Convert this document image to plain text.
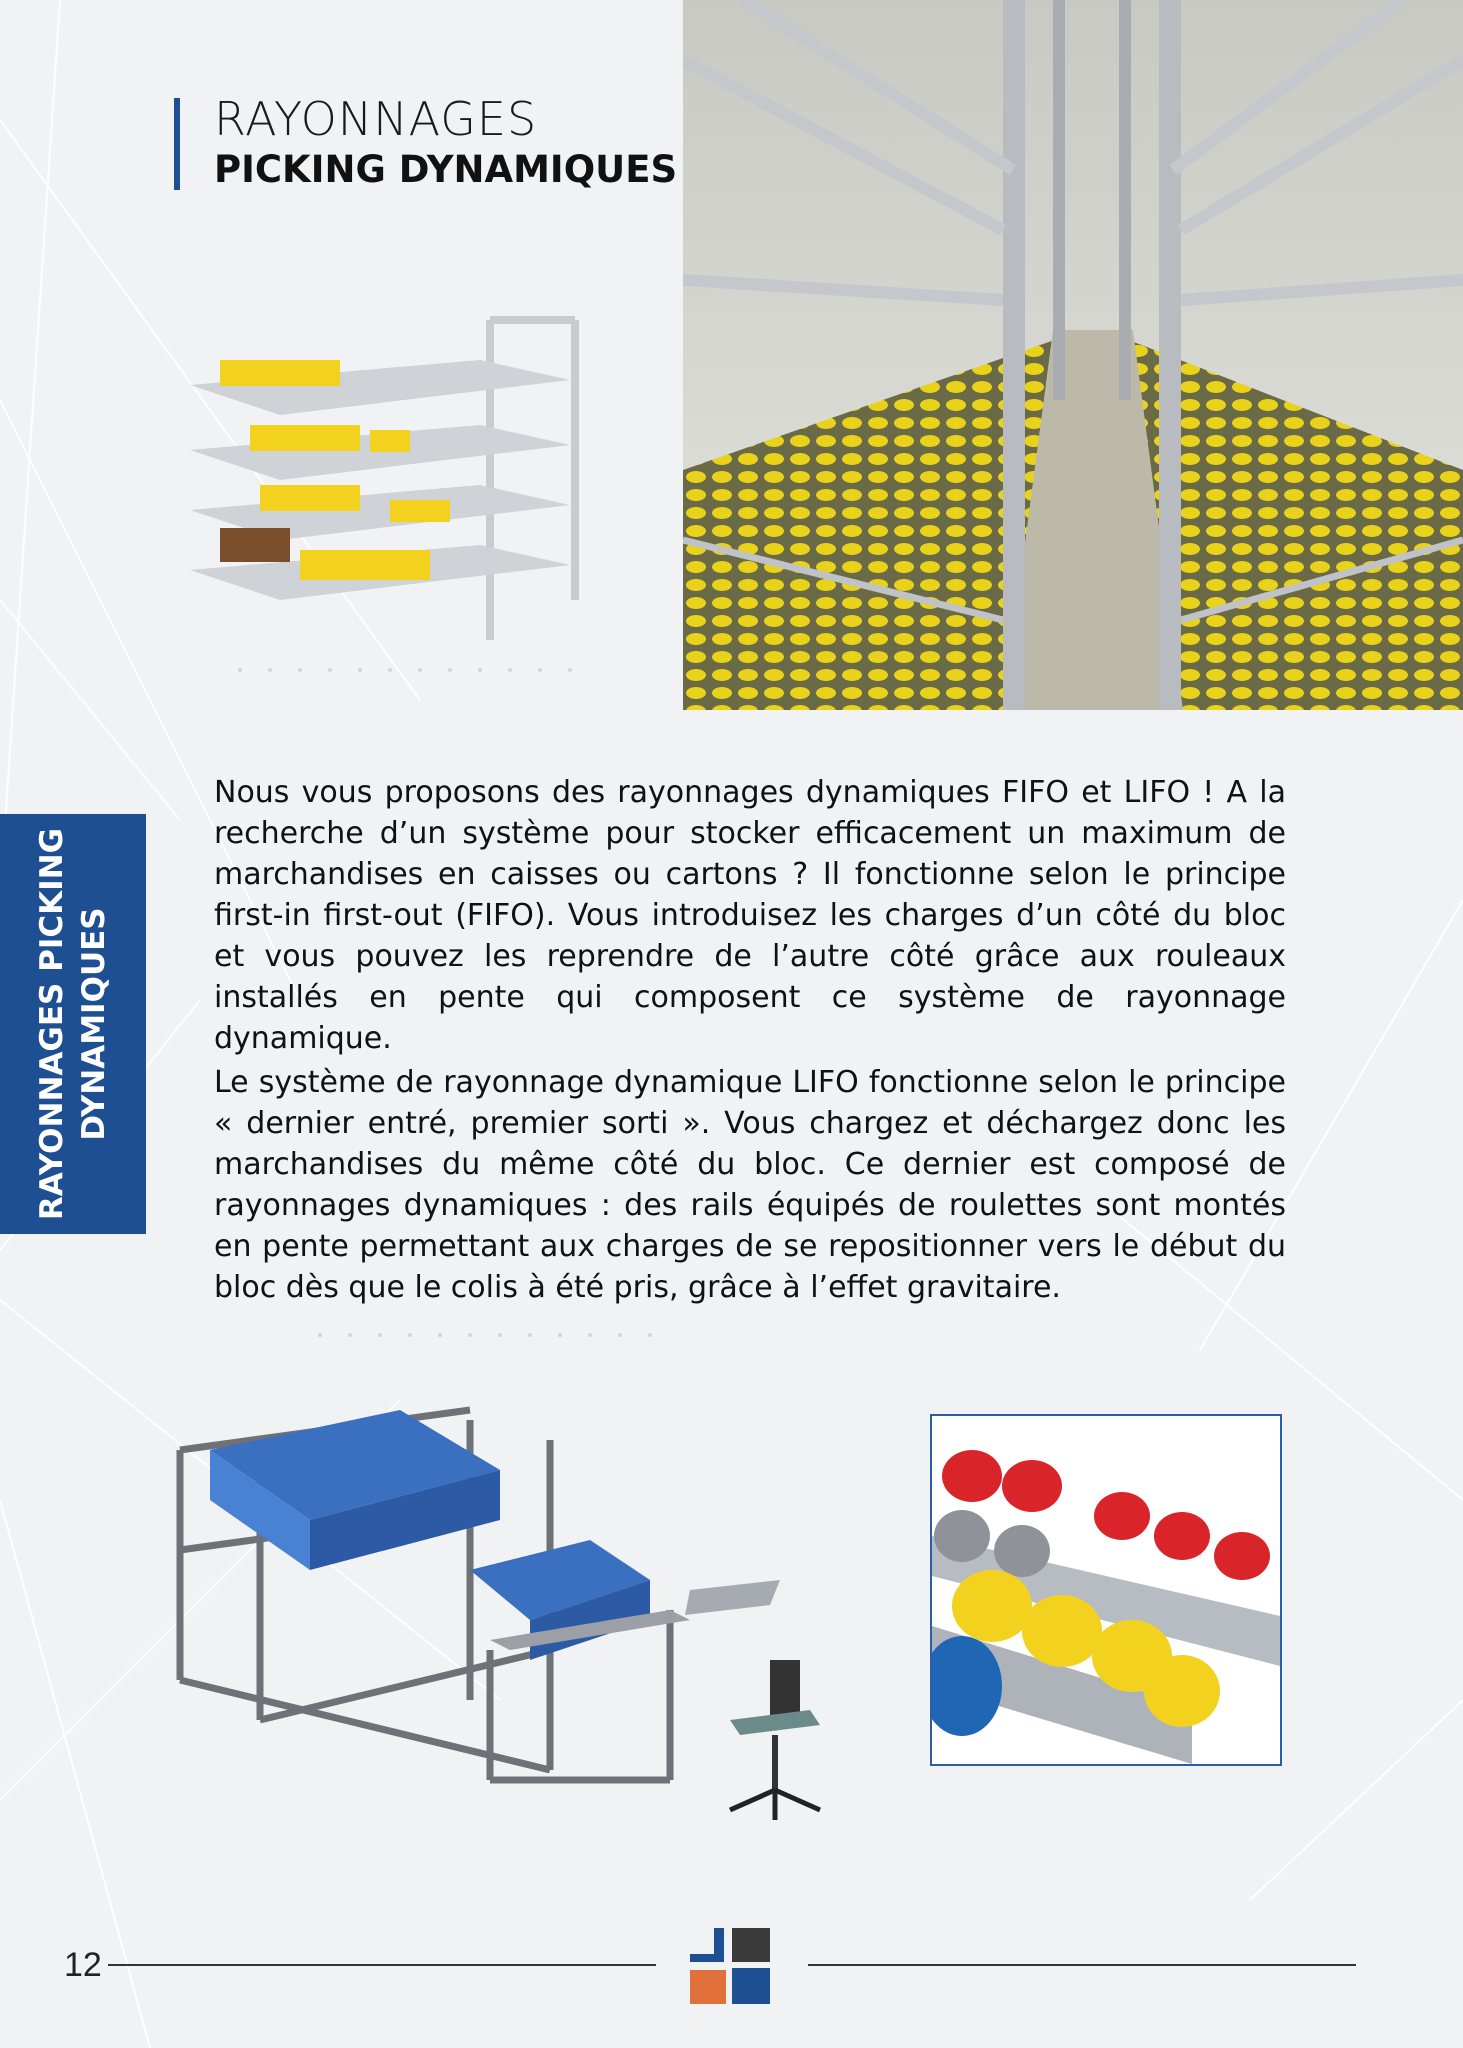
RAYONNAGES
PICKING DYNAMIQUES
RAYONNAGES PICKING DYNAMIQUES
Nous vous proposons des rayonnages dynamiques FIFO et LIFO ! A la recherche d’un système pour stocker efficacement un maximum de marchandises en caisses ou cartons ? Il fonctionne selon le principe first-in first-out (FIFO). Vous introduisez les charges d’un côté du bloc et vous pouvez les reprendre de l’autre côté grâce aux rouleaux installés en pente qui composent ce système de rayonnage dynamique.
Le système de rayonnage dynamique LIFO fonctionne selon le principe « dernier entré, premier sorti ». Vous chargez et déchargez donc les marchandises du même côté du bloc. Ce dernier est composé de rayonnages dynamiques : des rails équipés de roulettes sont montés en pente permettant aux charges de se repositionner vers le début du bloc dès que le colis à été pris, grâce à l’effet gravitaire.
12
